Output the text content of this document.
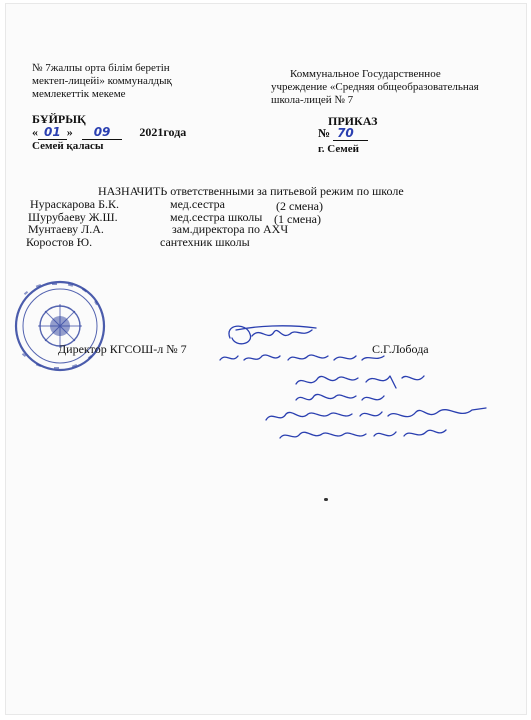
№ 7жалпы орта білім беретін
мектеп-лицейі» коммуналдық
мемлекеттік мекеме
Коммунальное Государственное
учреждение «Средняя общеобразовательная
школа-лицей № 7
БҰЙРЫҚ
« 01 » 09 2021года
Семей қаласы
ПРИКАЗ
№ 70
г. Семей
НАЗНАЧИТЬ ответственными за питьевой режим по школе
Нураскарова Б.К.	мед.сестра	(2 смена)
Шурубаеву Ж.Ш.	мед.сестра школы (1 смена)
Мунтаеву Л.А.	зам.директора по АХЧ
Коростов Ю.	сантехник школы
Директор КГСОШ-л № 7	С.Г.Лобода
